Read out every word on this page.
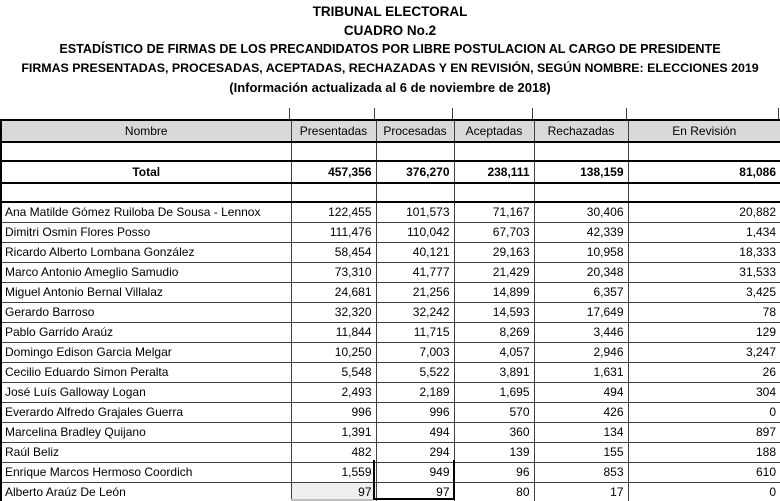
TRIBUNAL ELECTORAL
CUADRO No.2
ESTADÍSTICO DE FIRMAS DE LOS PRECANDIDATOS POR LIBRE POSTULACION AL CARGO DE PRESIDENTE
FIRMAS PRESENTADAS, PROCESADAS, ACEPTADAS, RECHAZADAS Y EN REVISIÓN, SEGÚN NOMBRE: ELECCIONES 2019
(Información actualizada al 6 de noviembre de 2018)
Nombre	Presentadas	Procesadas	Aceptadas	Rechazadas	En Revisión

Total	457,356	376,270	238,111	138,159	81,086

Ana Matilde Gómez Ruiloba De Sousa - Lennox	122,455	101,573	71,167	30,406	20,882
Dimitri Osmin Flores Posso	111,476	110,042	67,703	42,339	1,434
Ricardo Alberto Lombana González	58,454	40,121	29,163	10,958	18,333
Marco Antonio Ameglio Samudio	73,310	41,777	21,429	20,348	31,533
Miguel Antonio Bernal Villalaz	24,681	21,256	14,899	6,357	3,425
Gerardo Barroso	32,320	32,242	14,593	17,649	78
Pablo Garrido Araúz	11,844	11,715	8,269	3,446	129
Domingo Edison Garcia Melgar	10,250	7,003	4,057	2,946	3,247
Cecilio Eduardo Simon Peralta	5,548	5,522	3,891	1,631	26
José Luís Galloway Logan	2,493	2,189	1,695	494	304
Everardo Alfredo Grajales Guerra	996	996	570	426	0
Marcelina Bradley Quijano	1,391	494	360	134	897
Raúl Beliz	482	294	139	155	188
Enrique Marcos Hermoso Coordich	1,559	949	96	853	610
Alberto Araúz De León	97	97	80	17	0
